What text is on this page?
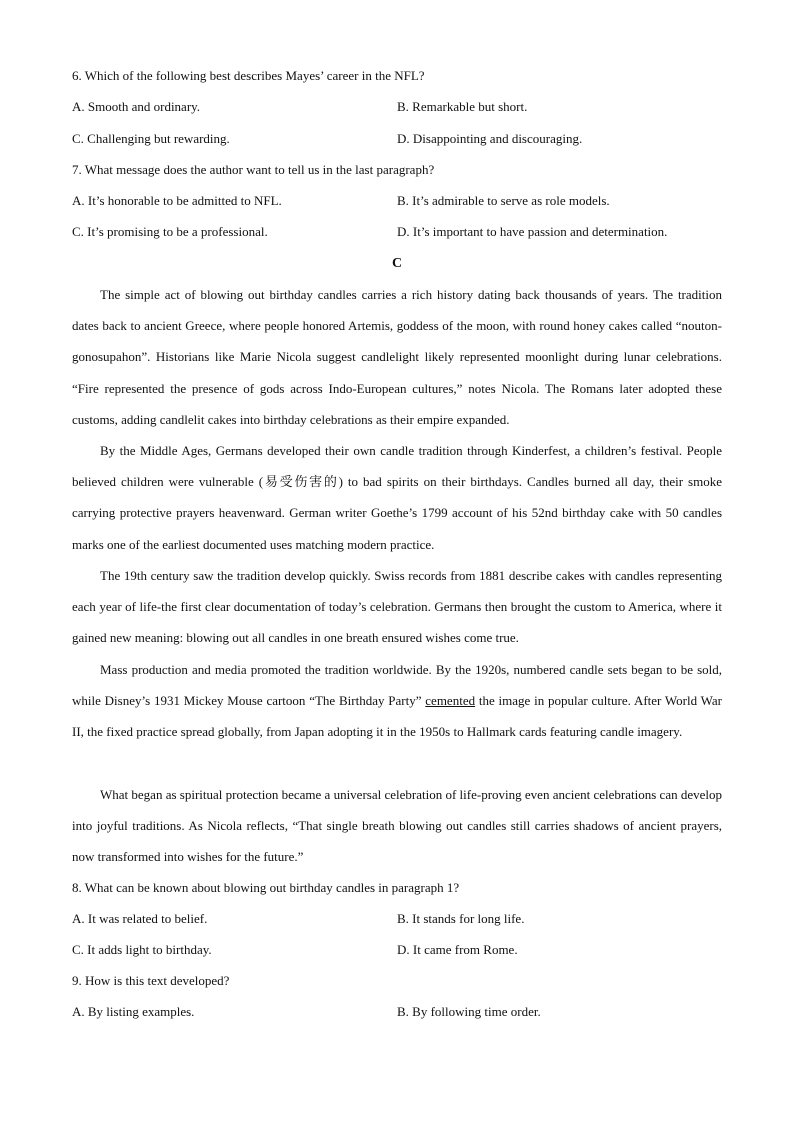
6. Which of the following best describes Mayes’ career in the NFL?
A. Smooth and ordinary.	B. Remarkable but short.
C. Challenging but rewarding.	D. Disappointing and discouraging.
7. What message does the author want to tell us in the last paragraph?
A. It’s honorable to be admitted to NFL.	B. It’s admirable to serve as role models.
C. It’s promising to be a professional.	D. It’s important to have passion and determination.
C

The simple act of blowing out birthday candles carries a rich history dating back thousands of years. The tradition dates back to ancient Greece, where people honored Artemis, goddess of the moon, with round honey cakes called “nouton-gonosupahon”. Historians like Marie Nicola suggest candlelight likely represented moonlight during lunar celebrations. “Fire represented the presence of gods across Indo-European cultures,” notes Nicola. The Romans later adopted these customs, adding candlelit cakes into birthday celebrations as their empire expanded.

By the Middle Ages, Germans developed their own candle tradition through Kinderfest, a children’s festival. People believed children were vulnerable (易受伤害的) to bad spirits on their birthdays. Candles burned all day, their smoke carrying protective prayers heavenward. German writer Goethe’s 1799 account of his 52nd birthday cake with 50 candles marks one of the earliest documented uses matching modern practice.

The 19th century saw the tradition develop quickly. Swiss records from 1881 describe cakes with candles representing each year of life-the first clear documentation of today’s celebration. Germans then brought the custom to America, where it gained new meaning: blowing out all candles in one breath ensured wishes come true.

Mass production and media promoted the tradition worldwide. By the 1920s, numbered candle sets began to be sold, while Disney’s 1931 Mickey Mouse cartoon “The Birthday Party” cemented the image in popular culture. After World War II, the fixed practice spread globally, from Japan adopting it in the 1950s to Hallmark cards featuring candle imagery.

What began as spiritual protection became a universal celebration of life-proving even ancient celebrations can develop into joyful traditions. As Nicola reflects, “That single breath blowing out candles still carries shadows of ancient prayers, now transformed into wishes for the future.”

8. What can be known about blowing out birthday candles in paragraph 1?
A. It was related to belief.	B. It stands for long life.
C. It adds light to birthday.	D. It came from Rome.
9. How is this text developed?
A. By listing examples.	B. By following time order.
